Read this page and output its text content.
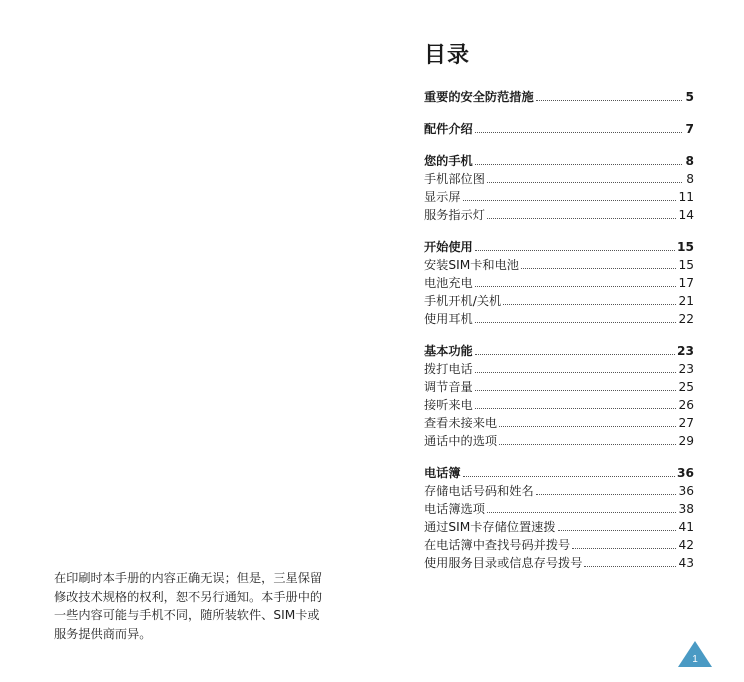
在印刷时本手册的内容正确无误；但是，三星保留修改技术规格的权利，恕不另行通知。本手册中的一些内容可能与手机不同，随所装软件、SIM卡或服务提供商而异。
目录
重要的安全防范措施	5
配件介绍	7
您的手机	8
手机部位图	8
显示屏	11
服务指示灯	14
开始使用	15
安装SIM卡和电池	15
电池充电	17
手机开机/关机	21
使用耳机	22
基本功能	23
拨打电话	23
调节音量	25
接听来电	26
查看未接来电	27
通话中的选项	29
电话簿	36
存储电话号码和姓名	36
电话簿选项	38
通过SIM卡存储位置速拨	41
在电话簿中查找号码并拨号	42
使用服务目录或信息存号拨号	43
1
